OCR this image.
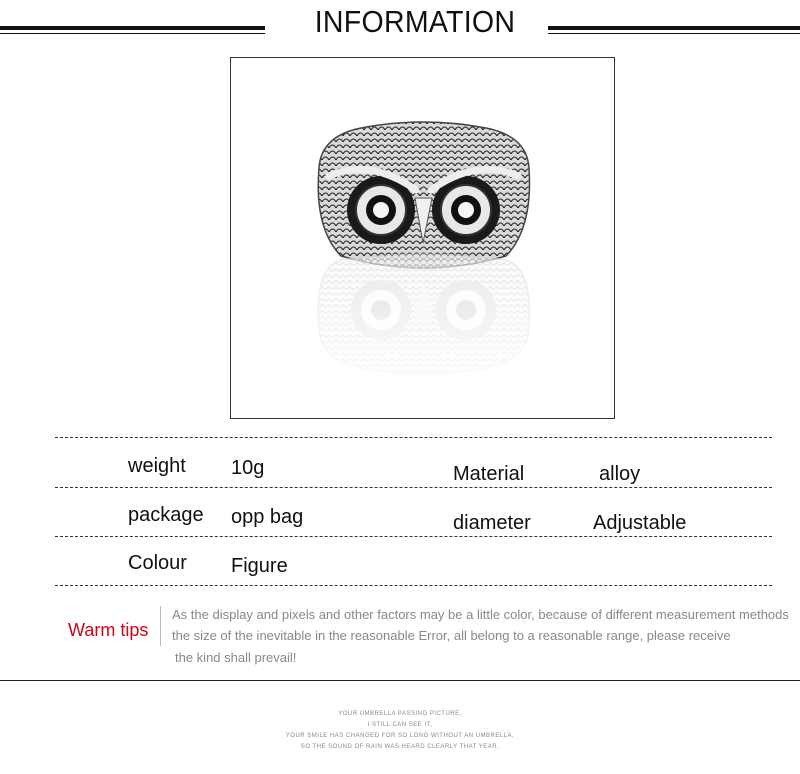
INFORMATION
weight 10g	Material	alloy
package opp bag	diameter	Adjustable
Colour Figure
Warm tips
As the display and pixels and other factors may be a little color, because of different measurement methods
the size of the inevitable in the reasonable Error, all belong to a reasonable range, please receive
the kind shall prevail!
YOUR UMBRELLA PASSING PICTURE,
I STILL CAN SEE IT,
YOUR SMILE HAS CHANGED FOR SO LONG WITHOUT AN UMBRELLA,
SO THE SOUND OF RAIN WAS HEARD CLEARLY THAT YEAR.
